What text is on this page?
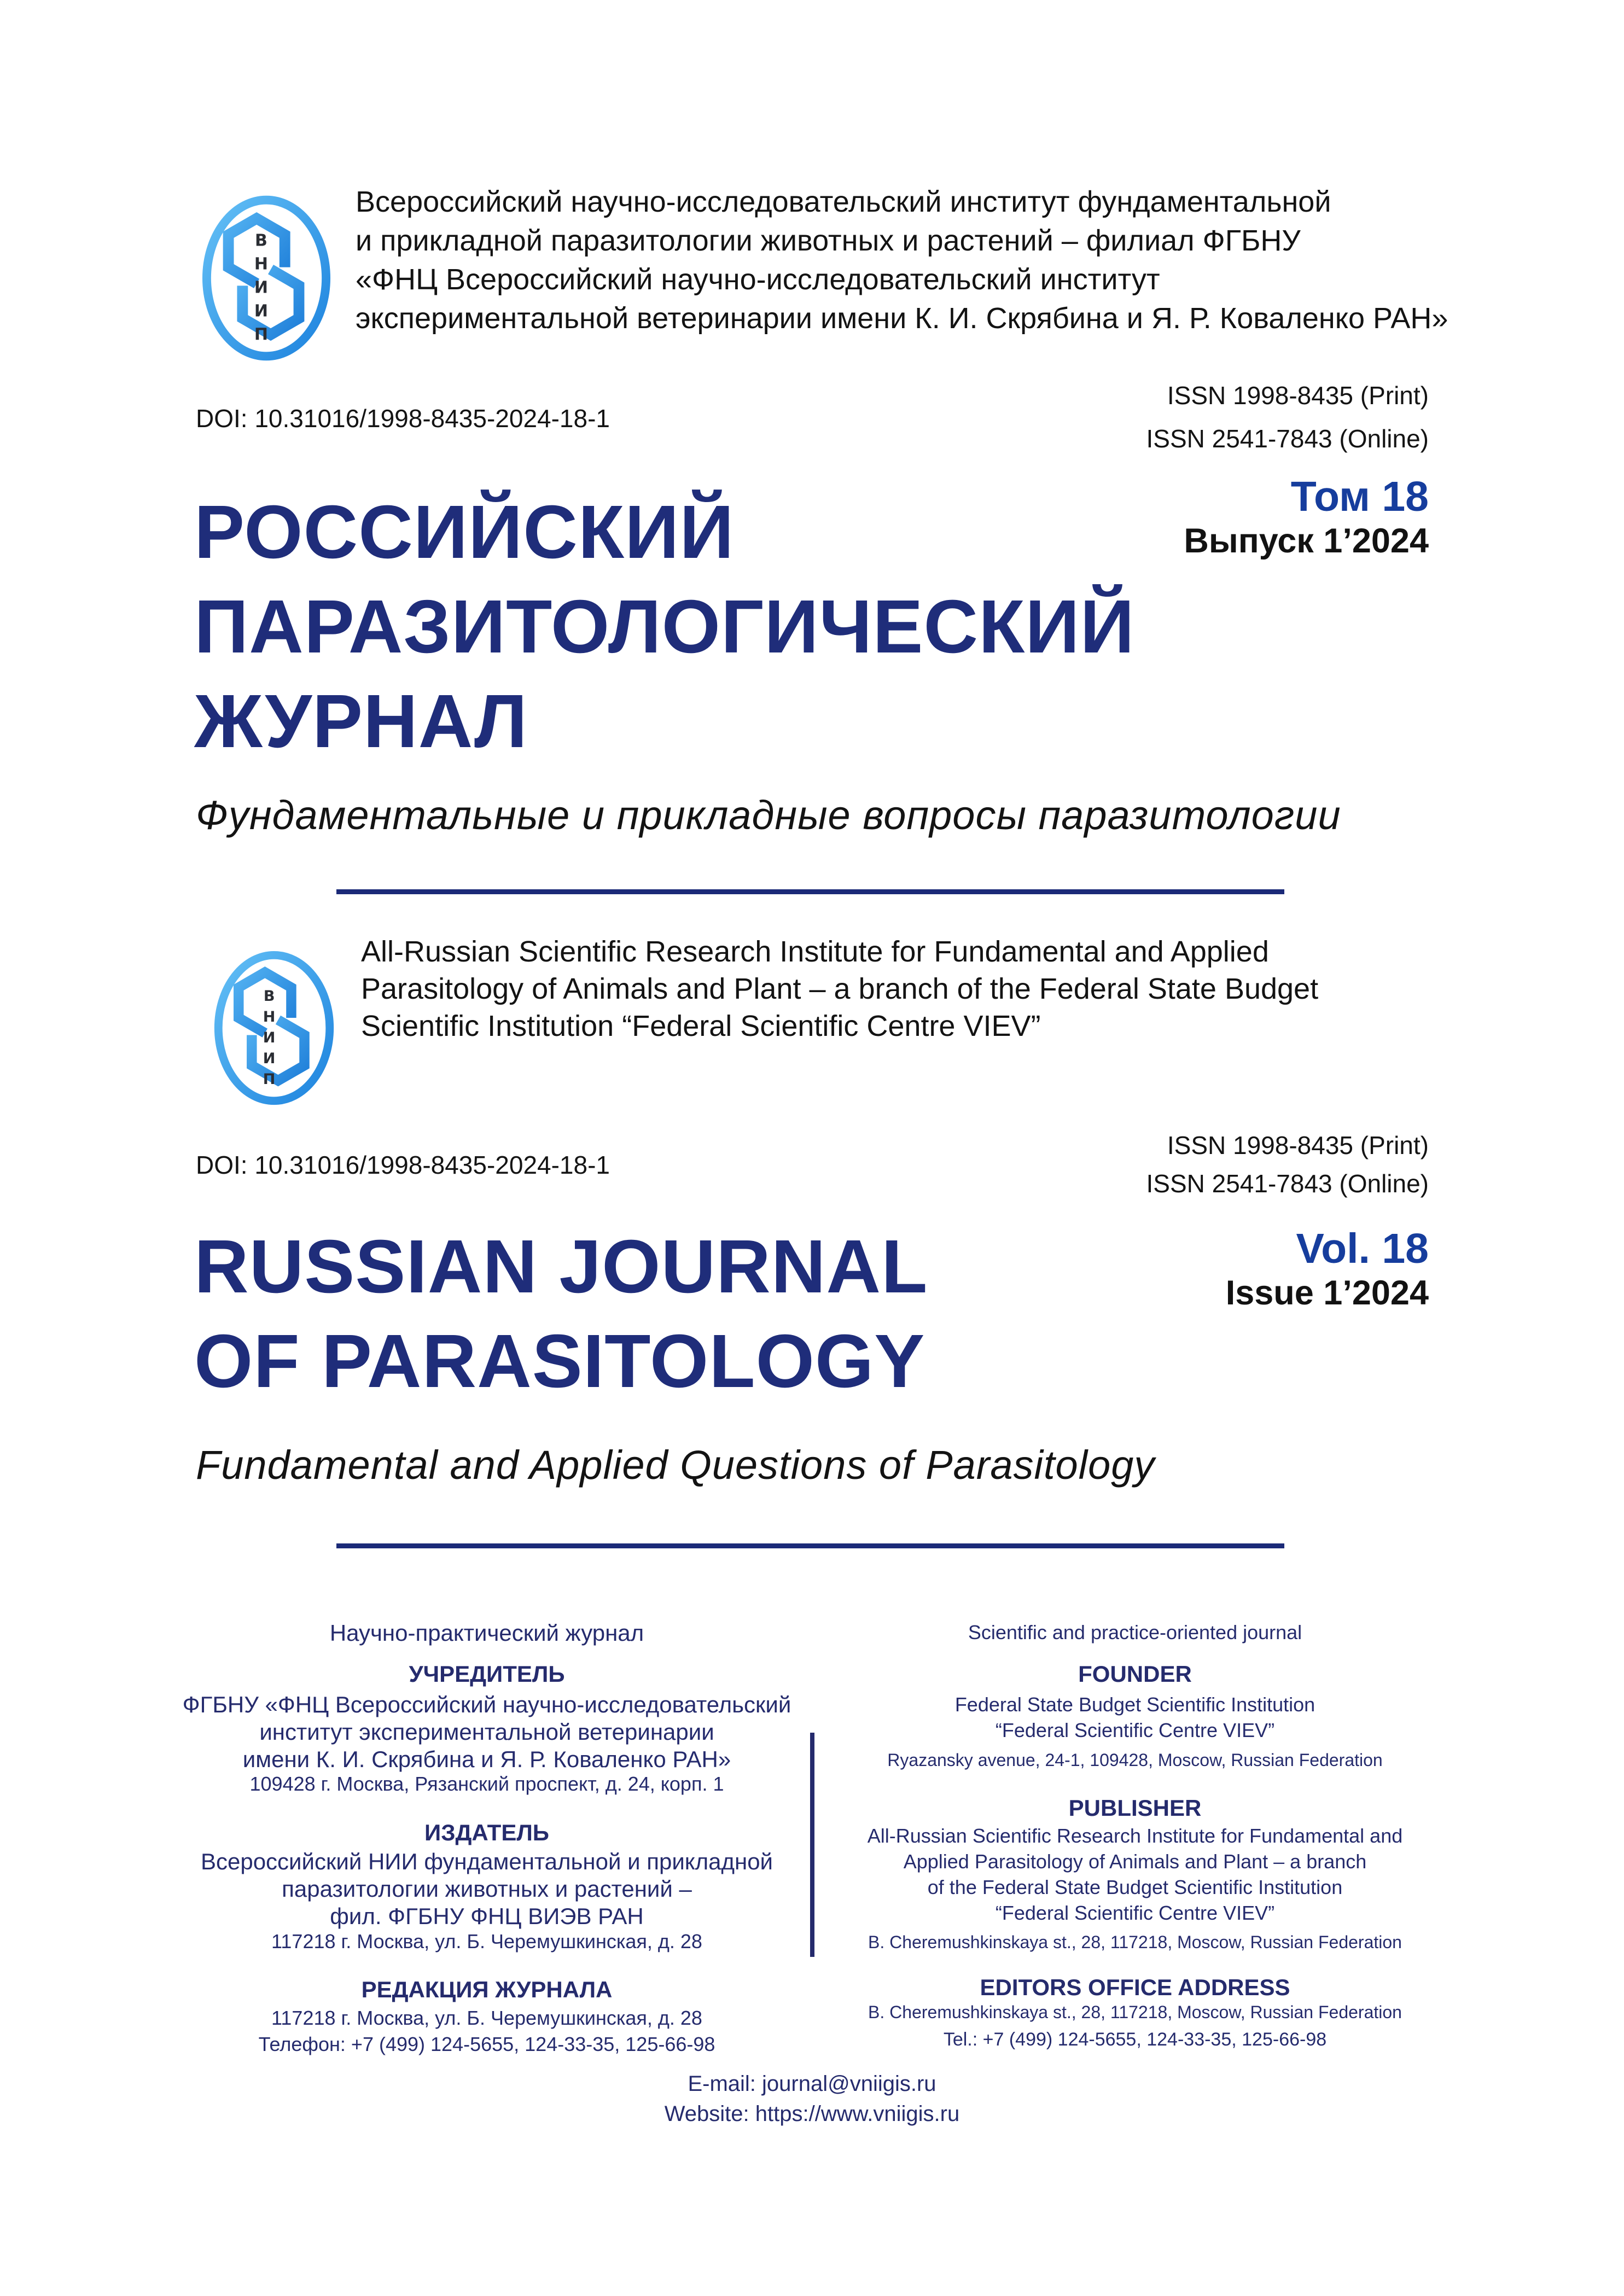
ВНИИП
Всероссийский научно-исследовательский институт фундаментальной
и прикладной паразитологии животных и растений – филиал ФГБНУ
«ФНЦ Всероссийский научно-исследовательский институт
экспериментальной ветеринарии имени К. И. Скрябина и Я. Р. Коваленко РАН»
DOI: 10.31016/1998-8435-2024-18-1
ISSN 1998-8435 (Print)
ISSN 2541-7843 (Online)
РОССИЙСКИЙ
ПАРАЗИТОЛОГИЧЕСКИЙ
ЖУРНАЛ
Том 18
Выпуск 1’2024
Фундаментальные и прикладные вопросы паразитологии
ВНИИП
All-Russian Scientific Research Institute for Fundamental and Applied
Parasitology of Animals and Plant – a branch of the Federal State Budget
Scientific Institution “Federal Scientific Centre VIEV”
DOI: 10.31016/1998-8435-2024-18-1
ISSN 1998-8435 (Print)
ISSN 2541-7843 (Online)
RUSSIAN JOURNAL
OF PARASITOLOGY
Vol. 18
Issue 1’2024
Fundamental and Applied Questions of Parasitology
Научно-практический журнал
УЧРЕДИТЕЛЬ
ФГБНУ «ФНЦ Всероссийский научно-исследовательский
институт экспериментальной ветеринарии
имени К. И. Скрябина и Я. Р. Коваленко РАН»
109428 г. Москва, Рязанский проспект, д. 24, корп. 1
ИЗДАТЕЛЬ
Всероссийский НИИ фундаментальной и прикладной
паразитологии животных и растений –
фил. ФГБНУ ФНЦ ВИЭВ РАН
117218 г. Москва, ул. Б. Черемушкинская, д. 28
РЕДАКЦИЯ ЖУРНАЛА
117218 г. Москва, ул. Б. Черемушкинская, д. 28
Телефон: +7 (499) 124-5655, 124-33-35, 125-66-98
Scientific and practice-oriented journal
FOUNDER
Federal State Budget Scientific Institution
“Federal Scientific Centre VIEV”
Ryazansky avenue, 24-1, 109428, Moscow, Russian Federation
PUBLISHER
All-Russian Scientific Research Institute for Fundamental and
Applied Parasitology of Animals and Plant – a branch
of the Federal State Budget Scientific Institution
“Federal Scientific Centre VIEV”
B. Cheremushkinskaya st., 28, 117218, Moscow, Russian Federation
EDITORS OFFICE ADDRESS
B. Cheremushkinskaya st., 28, 117218, Moscow, Russian Federation
Tel.: +7 (499) 124-5655, 124-33-35, 125-66-98
E-mail: journal@vniigis.ru
Website: https://www.vniigis.ru
